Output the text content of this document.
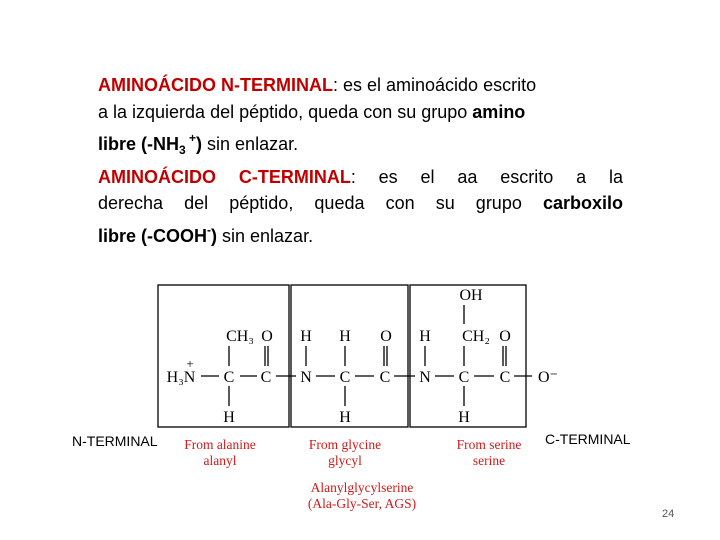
AMINOÁCIDO N-TERMINAL: es el aminoácido escrito
a la izquierda del péptido, queda con su grupo amino
libre ($-NH_3$ +) sin enlazar.
AMINOÁCIDO C-TERMINAL: es el aa escrito a la
derecha del péptido, queda con su grupo carboxilo
libre (-COOH-) sin enlazar.
OH
CH₃ O H H O H CH₂ O
+
H₃N C C N C C N C C O⁻
H	H	H
From alanine
alanyl
From glycine
glycyl
From serine
serine
Alanylglycylserine
(Ala-Gly-Ser, AGS)
N-TERMINAL	C-TERMINAL
24
